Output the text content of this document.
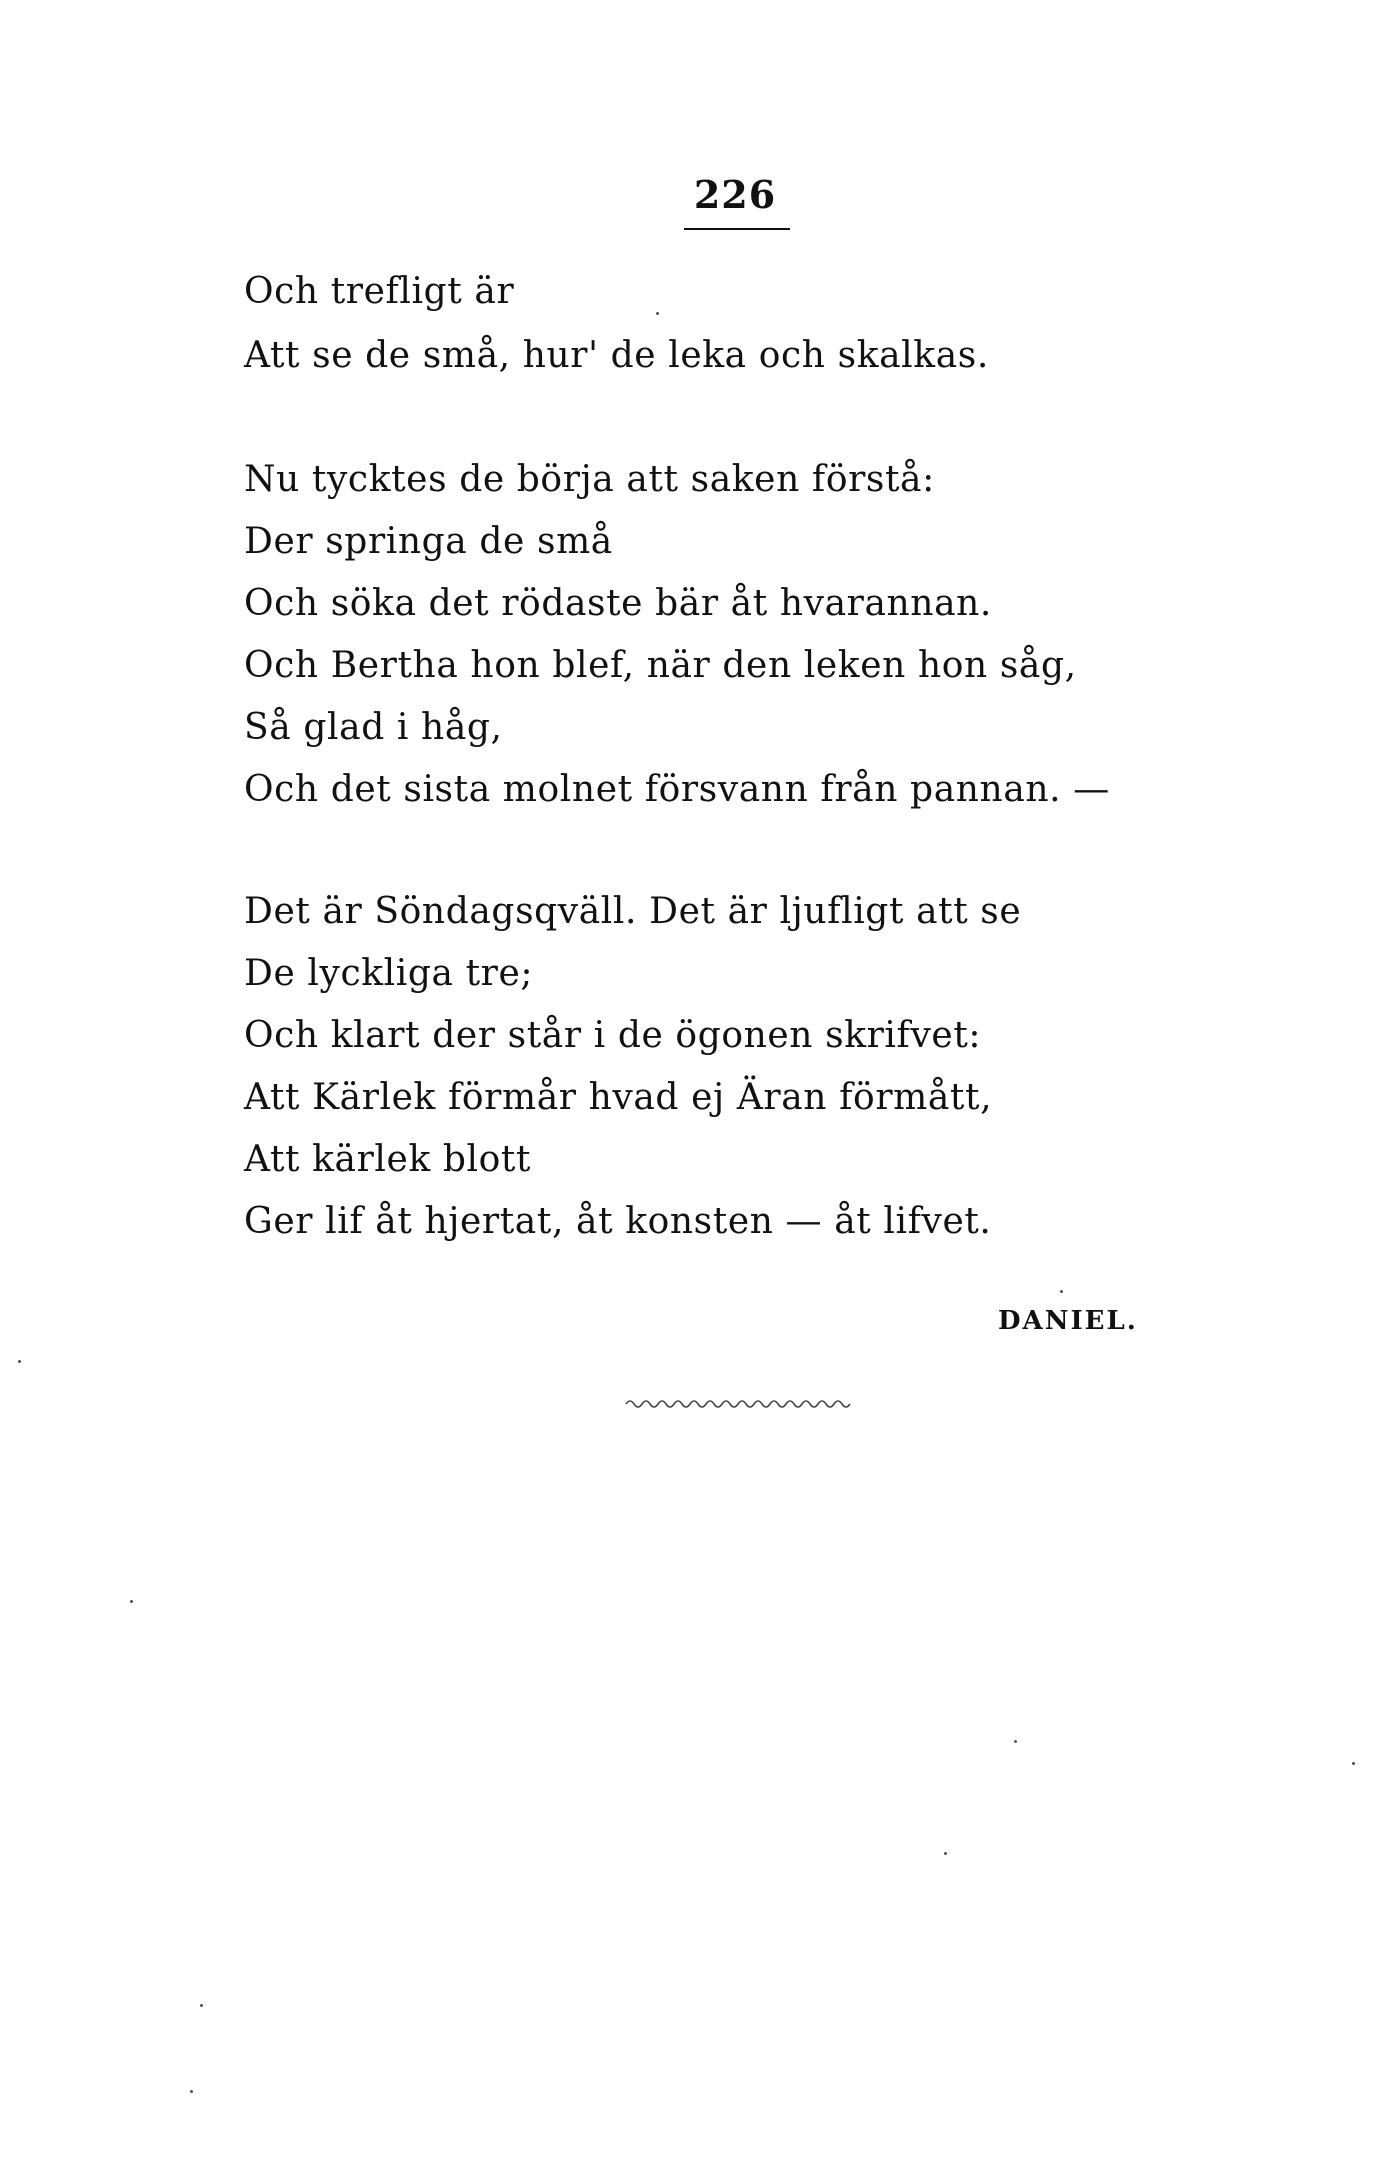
226
Och trefligt är
Att se de små, hur' de leka och skalkas.
Nu tycktes de börja att saken förstå:
Der springa de små
Och söka det rödaste bär åt hvarannan.
Och Bertha hon blef, när den leken hon såg,
Så glad i håg,
Och det sista molnet försvann från pannan. —
Det är Söndagsqväll. Det är ljufligt att se
De lyckliga tre;
Och klart der står i de ögonen skrifvet:
Att Kärlek förmår hvad ej Äran förmått,
Att kärlek blott
Ger lif åt hjertat, åt konsten — åt lifvet.
DANIEL.
